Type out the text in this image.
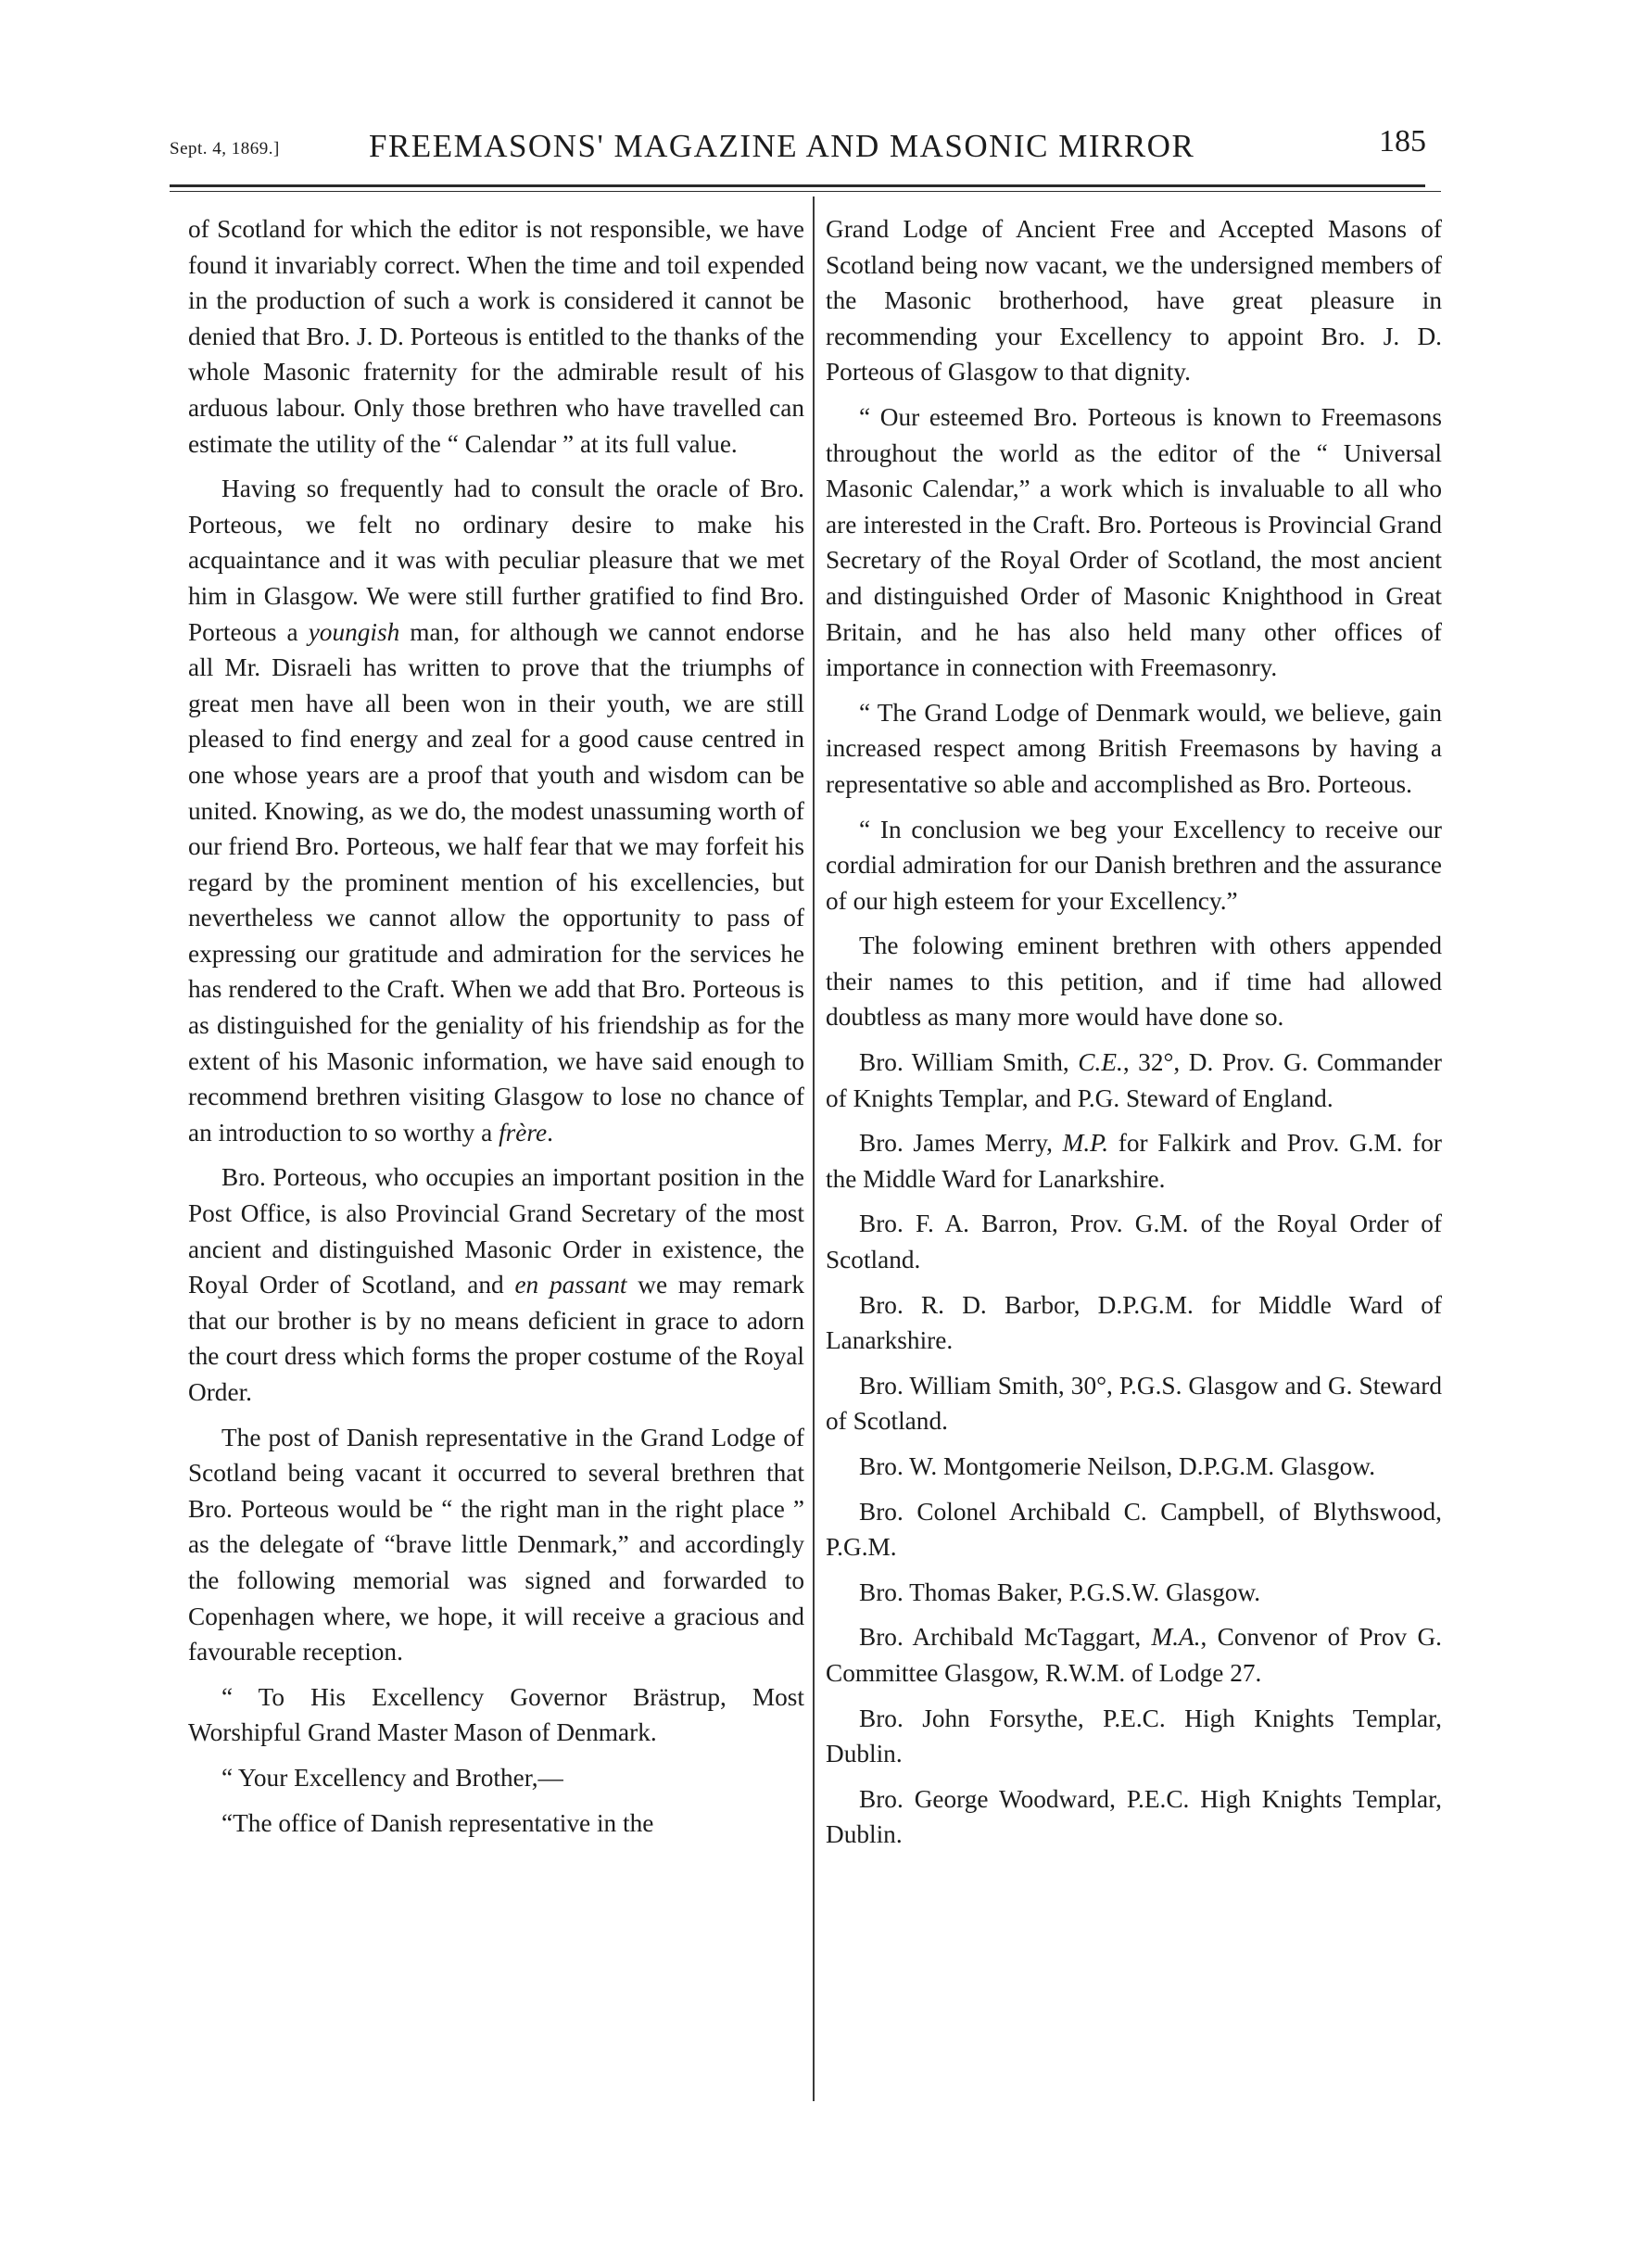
Sept. 4, 1869.]	FREEMASONS' MAGAZINE AND MASONIC MIRROR	185

of Scotland for which the editor is not responsible, we have found it invariably correct. When the time and toil expended in the production of such a work is considered it cannot be denied that Bro. J. D. Porteous is entitled to the thanks of the whole Masonic fraternity for the admirable result of his arduous labour. Only those brethren who have travelled can estimate the utility of the “ Calendar ” at its full value.

Having so frequently had to consult the oracle of Bro. Porteous, we felt no ordinary desire to make his acquaintance and it was with peculiar pleasure that we met him in Glasgow. We were still further gratified to find Bro. Porteous a youngish man, for although we cannot endorse all Mr. Disraeli has written to prove that the triumphs of great men have all been won in their youth, we are still pleased to find energy and zeal for a good cause centred in one whose years are a proof that youth and wisdom can be united. Knowing, as we do, the modest unassuming worth of our friend Bro. Porteous, we half fear that we may forfeit his regard by the prominent mention of his excellencies, but nevertheless we cannot allow the opportunity to pass of expressing our gratitude and admiration for the services he has rendered to the Craft. When we add that Bro. Porteous is as distinguished for the geniality of his friendship as for the extent of his Masonic information, we have said enough to recommend brethren visiting Glasgow to lose no chance of an introduction to so worthy a frère.

Bro. Porteous, who occupies an important position in the Post Office, is also Provincial Grand Secretary of the most ancient and distinguished Masonic Order in existence, the Royal Order of Scotland, and en passant we may remark that our brother is by no means deficient in grace to adorn the court dress which forms the proper costume of the Royal Order.

The post of Danish representative in the Grand Lodge of Scotland being vacant it occurred to several brethren that Bro. Porteous would be “ the right man in the right place ” as the delegate of “brave little Denmark,” and accordingly the following memorial was signed and forwarded to Copenhagen where, we hope, it will receive a gracious and favourable reception.

“ To His Excellency Governor Brästrup, Most Worshipful Grand Master Mason of Denmark.

“ Your Excellency and Brother,—

“The office of Danish representative in the

Grand Lodge of Ancient Free and Accepted Masons of Scotland being now vacant, we the undersigned members of the Masonic brotherhood, have great pleasure in recommending your Excellency to appoint Bro. J. D. Porteous of Glasgow to that dignity.

“ Our esteemed Bro. Porteous is known to Freemasons throughout the world as the editor of the “ Universal Masonic Calendar,” a work which is invaluable to all who are interested in the Craft. Bro. Porteous is Provincial Grand Secretary of the Royal Order of Scotland, the most ancient and distinguished Order of Masonic Knighthood in Great Britain, and he has also held many other offices of importance in connection with Freemasonry.

“ The Grand Lodge of Denmark would, we believe, gain increased respect among British Freemasons by having a representative so able and accomplished as Bro. Porteous.

“ In conclusion we beg your Excellency to receive our cordial admiration for our Danish brethren and the assurance of our high esteem for your Excellency.”

The folowing eminent brethren with others appended their names to this petition, and if time had allowed doubtless as many more would have done so.

Bro. William Smith, C.E., 32°, D. Prov. G. Commander of Knights Templar, and P.G. Steward of England.

Bro. James Merry, M.P. for Falkirk and Prov. G.M. for the Middle Ward for Lanarkshire.

Bro. F. A. Barron, Prov. G.M. of the Royal Order of Scotland.

Bro. R. D. Barbor, D.P.G.M. for Middle Ward of Lanarkshire.

Bro. William Smith, 30°, P.G.S. Glasgow and G. Steward of Scotland.

Bro. W. Montgomerie Neilson, D.P.G.M. Glasgow.

Bro. Colonel Archibald C. Campbell, of Blythswood, P.G.M.

Bro. Thomas Baker, P.G.S.W. Glasgow.

Bro. Archibald McTaggart, M.A., Convenor of Prov G. Committee Glasgow, R.W.M. of Lodge 27.

Bro. John Forsythe, P.E.C. High Knights Templar, Dublin.

Bro. George Woodward, P.E.C. High Knights Templar, Dublin.
